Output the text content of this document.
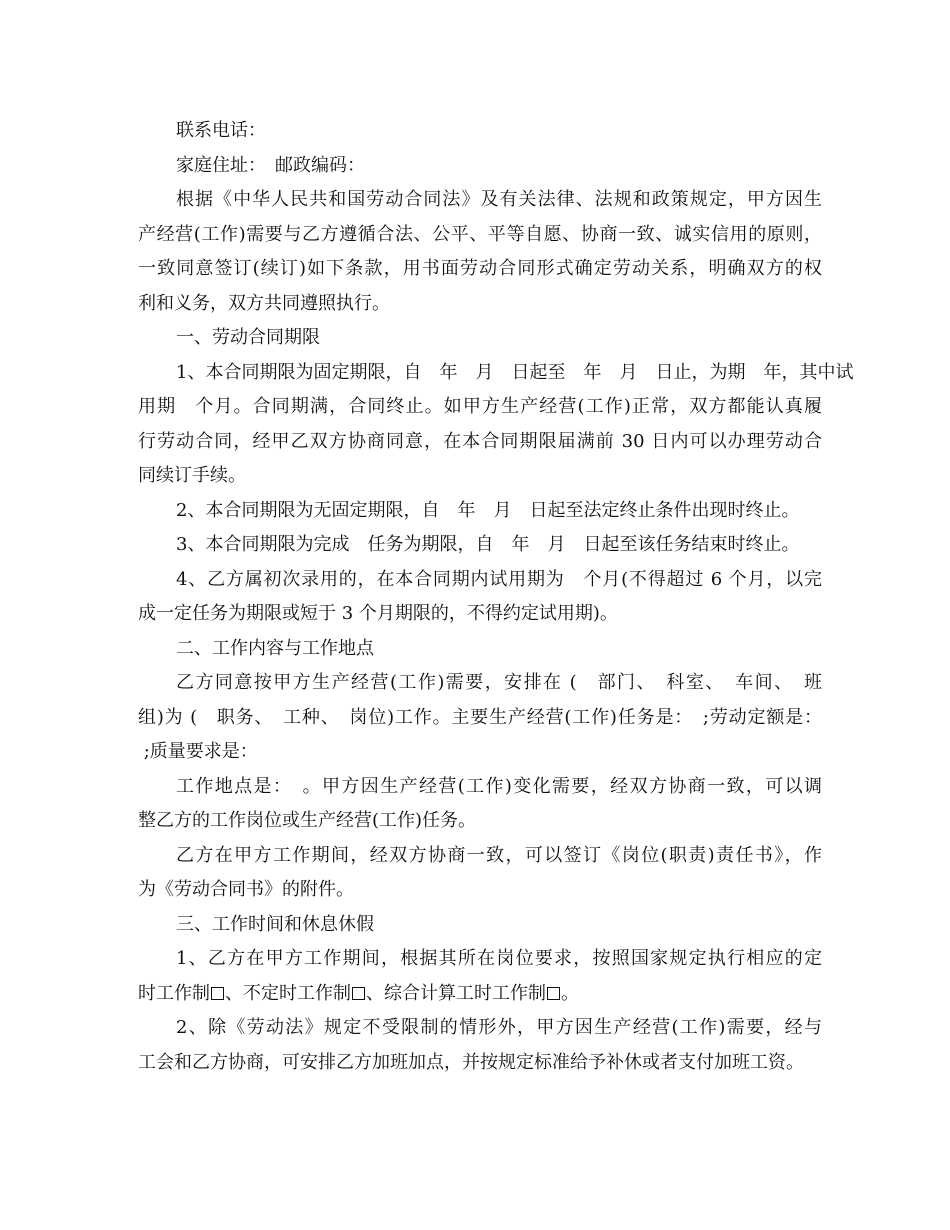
联系电话：
家庭住址：　邮政编码：
根据《中华人民共和国劳动合同法》及有关法律、法规和政策规定，甲方因生
产经营(工作)需要与乙方遵循合法、公平、平等自愿、协商一致、诚实信用的原则，
一致同意签订(续订)如下条款，用书面劳动合同形式确定劳动关系，明确双方的权
利和义务，双方共同遵照执行。
一、劳动合同期限
1、本合同期限为固定期限，自　年　月　日起至　年　月　日止，为期　年，其中试
用期　个月。合同期满，合同终止。如甲方生产经营(工作)正常，双方都能认真履
行劳动合同，经甲乙双方协商同意，在本合同期限届满前 30 日内可以办理劳动合
同续订手续。
2、本合同期限为无固定期限，自　年　月　日起至法定终止条件出现时终止。
3、本合同期限为完成　任务为期限，自　年　月　日起至该任务结束时终止。
4、乙方属初次录用的，在本合同期内试用期为　个月(不得超过 6 个月，以完
成一定任务为期限或短于 3 个月期限的，不得约定试用期)。
二、工作内容与工作地点
乙方同意按甲方生产经营(工作)需要，安排在 (　部门、　科室、　车间、　班
组)为 (　职务、　工种、　岗位)工作。主要生产经营(工作)任务是：　;劳动定额是：
;质量要求是：
工作地点是：　。甲方因生产经营(工作)变化需要，经双方协商一致，可以调
整乙方的工作岗位或生产经营(工作)任务。
乙方在甲方工作期间，经双方协商一致，可以签订《岗位(职责)责任书》，作
为《劳动合同书》的附件。
三、工作时间和休息休假
1、乙方在甲方工作期间，根据其所在岗位要求，按照国家规定执行相应的定
时工作制 、不定时工作制 、综合计算工时工作制 。
2、除《劳动法》规定不受限制的情形外，甲方因生产经营(工作)需要，经与
工会和乙方协商，可安排乙方加班加点，并按规定标准给予补休或者支付加班工资。
